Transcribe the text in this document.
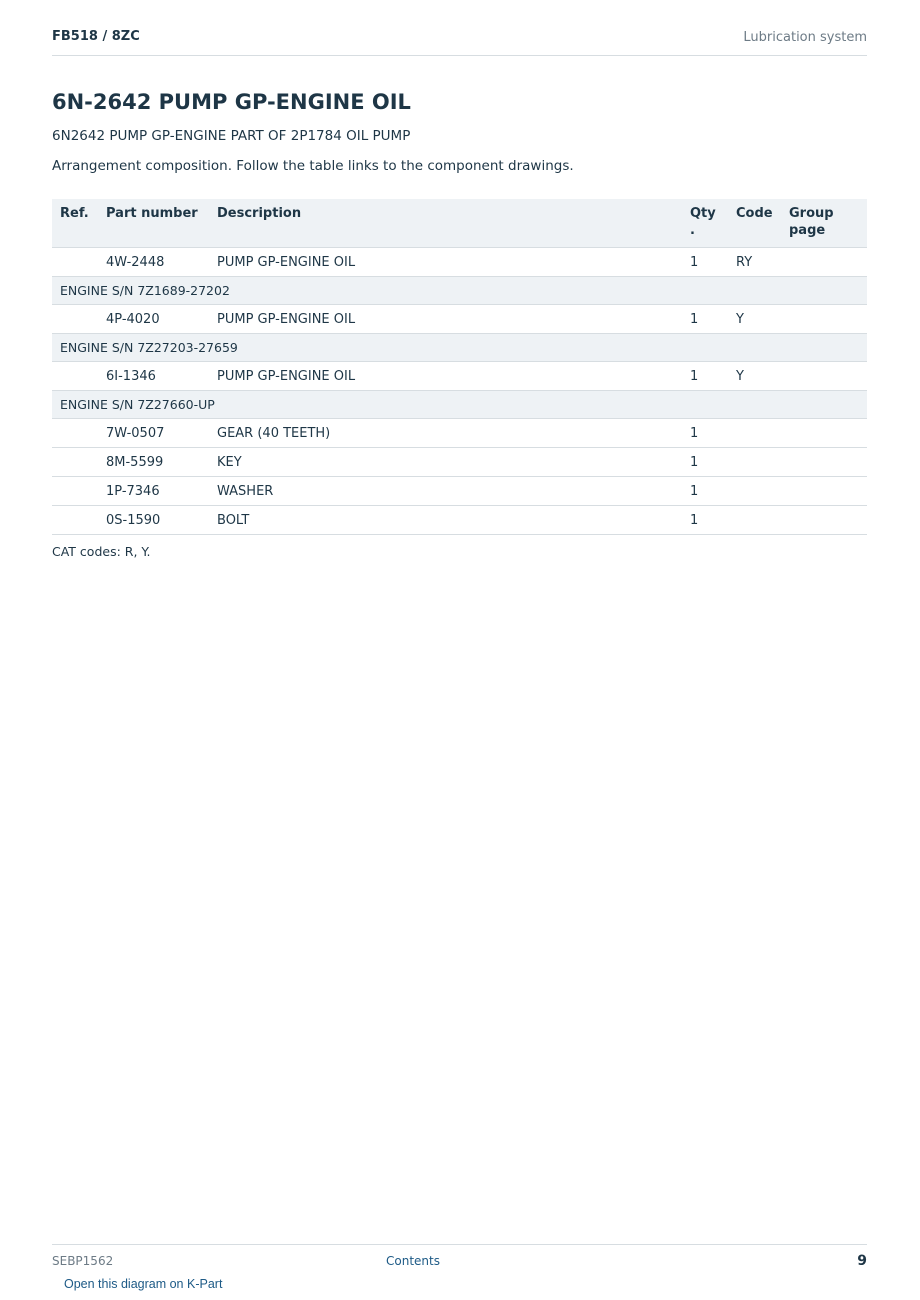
FB518 / 8ZC	Lubrication system
6N-2642 PUMP GP-ENGINE OIL

6N2642 PUMP GP-ENGINE PART OF 2P1784 OIL PUMP

Arrangement composition. Follow the table links to the component drawings.

Ref.	Part number	Description	Qty .	Code	Group page
	4W-2448	PUMP GP-ENGINE OIL	1	RY	
ENGINE S/N 7Z1689-27202					
	4P-4020	PUMP GP-ENGINE OIL	1	Y	
ENGINE S/N 7Z27203-27659					
	6I-1346	PUMP GP-ENGINE OIL	1	Y	
ENGINE S/N 7Z27660-UP					
	7W-0507	GEAR (40 TEETH)	1		
	8M-5599	KEY	1		
	1P-7346	WASHER	1		
	0S-1590	BOLT	1		

CAT codes: R, Y.

SEBP1562	Contents	9
Open this diagram on K-Part
